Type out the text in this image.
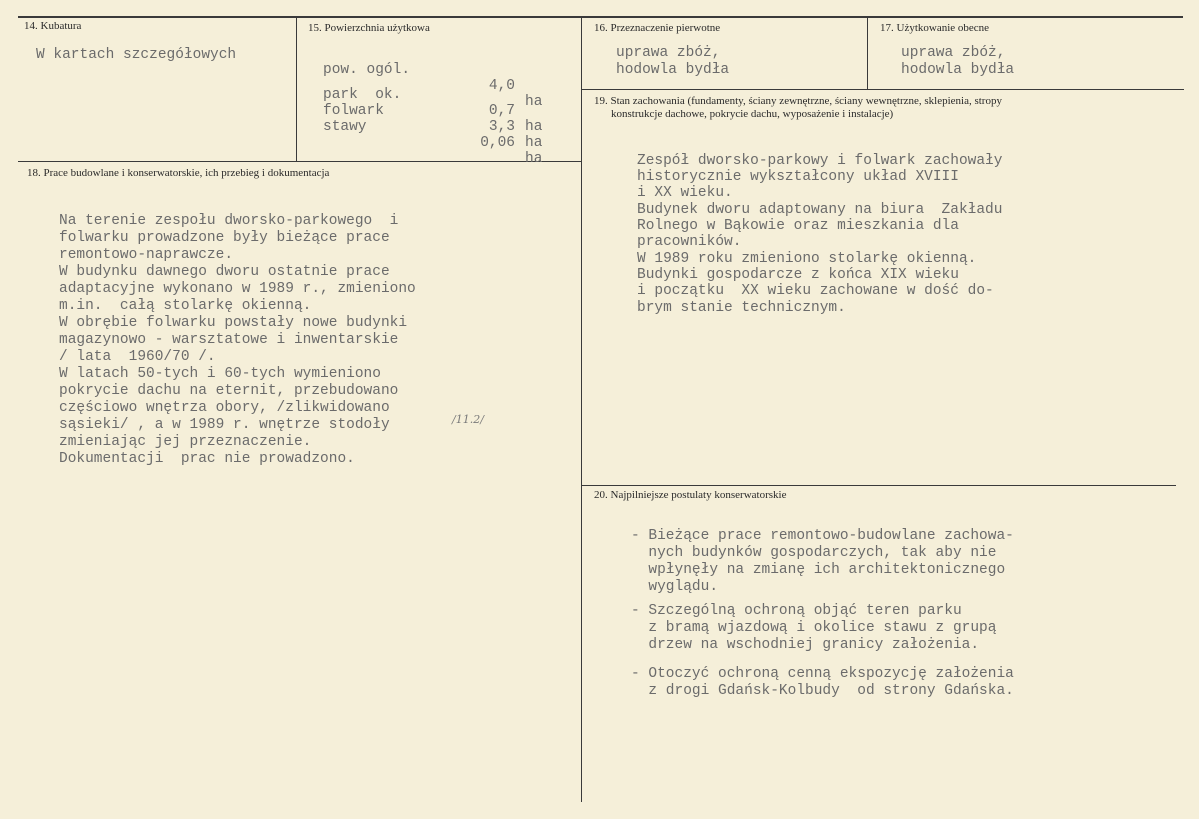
14. Kubatura
W kartach szczegółowych
15. Powierzchnia użytkowa

pow. ogól.

4,0

ha

park  ok.

0,7

ha

folwark

3,3

ha

stawy

0,06

ha

16. Przeznaczenie pierwotne
uprawa zbóż,
hodowla bydła
17. Użytkowanie obecne
uprawa zbóż,
hodowla bydła
18. Prace budowlane i konserwatorskie, ich przebieg i dokumentacja
Na terenie zespołu dworsko-parkowego  i
folwarku prowadzone były bieżące prace
remontowo-naprawcze.
W budynku dawnego dworu ostatnie prace
adaptacyjne wykonano w 1989 r., zmieniono
m.in.  całą stolarkę okienną.
W obrębie folwarku powstały nowe budynki
magazynowo - warsztatowe i inwentarskie
/ lata  1960/70 /.
W latach 50-tych i 60-tych wymieniono
pokrycie dachu na eternit, przebudowano
częściowo wnętrza obory, /zlikwidowano
sąsieki/ , a w 1989 r. wnętrze stodoły
zmieniając jej przeznaczenie.
Dokumentacji  prac nie prowadzono.
/11.2/
19. Stan zachowania (fundamenty, ściany zewnętrzne, ściany wewnętrzne, sklepienia, stropy
konstrukcje dachowe, pokrycie dachu, wyposażenie i instalacje)
Zespół dworsko-parkowy i folwark zachowały
historycznie wykształcony układ XVIII
i XX wieku.
Budynek dworu adaptowany na biura  Zakładu
Rolnego w Bąkowie oraz mieszkania dla
pracowników.
W 1989 roku zmieniono stolarkę okienną.
Budynki gospodarcze z końca XIX wieku
i początku  XX wieku zachowane w dość do-
brym stanie technicznym.
20. Najpilniejsze postulaty konserwatorskie
- Bieżące prace remontowo-budowlane zachowa-
nych budynków gospodarczych, tak aby nie
wpłynęły na zmianę ich architektonicznego
wyglądu.
- Szczególną ochroną objąć teren parku
z bramą wjazdową i okolice stawu z grupą
drzew na wschodniej granicy założenia.
- Otoczyć ochroną cenną ekspozycję założenia
z drogi Gdańsk-Kolbudy  od strony Gdańska.
